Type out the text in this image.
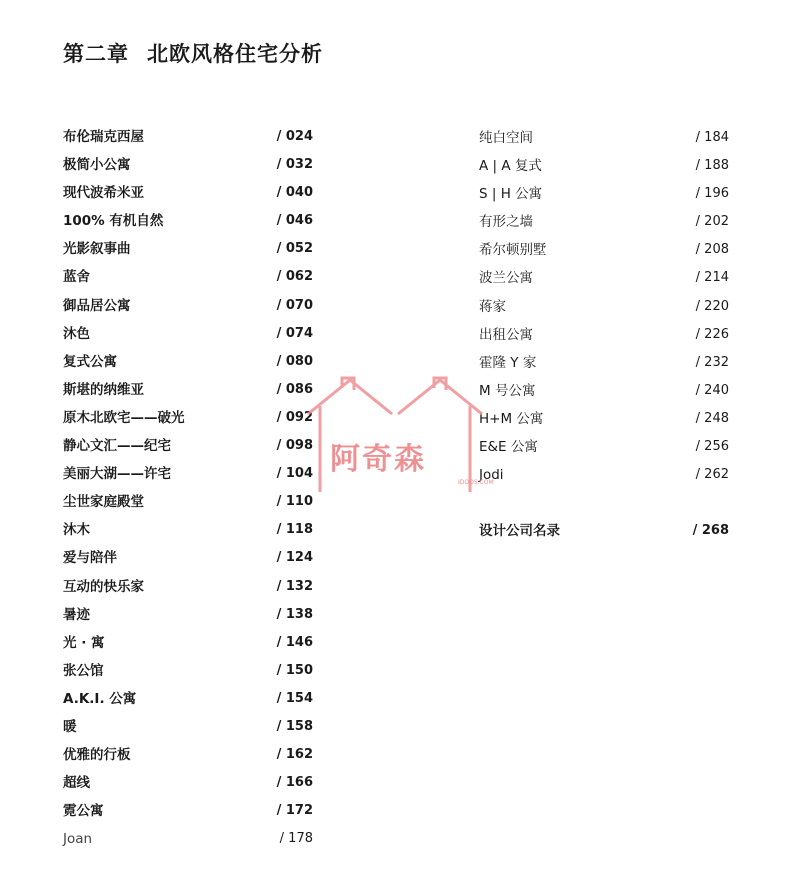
第二章 北欧风格住宅分析
布伦瑞克西屋	/ 024
极简小公寓	/ 032
现代波希米亚	/ 040
100% 有机自然	/ 046
光影叙事曲	/ 052
蓝舍	/ 062
御品居公寓	/ 070
沐色	/ 074
复式公寓	/ 080
斯堪的纳维亚	/ 086
原木北欧宅——破光	/ 092
静心文汇——纪宅	/ 098
美丽大湖——许宅	/ 104
尘世家庭殿堂	/ 110
沐木	/ 118
爱与陪伴	/ 124
互动的快乐家	/ 132
暑迹	/ 138
光 · 寓	/ 146
张公馆	/ 150
A.K.I. 公寓	/ 154
暖	/ 158
优雅的行板	/ 162
超线	/ 166
霓公寓	/ 172
Joan	/ 178
纯白空间	/ 184
A | A 复式	/ 188
S | H 公寓	/ 196
有形之墙	/ 202
希尔顿别墅	/ 208
波兰公寓	/ 214
蒋家	/ 220
出租公寓	/ 226
霍隆 Y 家	/ 232
M 号公寓	/ 240
H+M 公寓	/ 248
E&E 公寓	/ 256
Jodi	/ 262
设计公司名录	/ 268
IDOOS.COM
阿奇森
